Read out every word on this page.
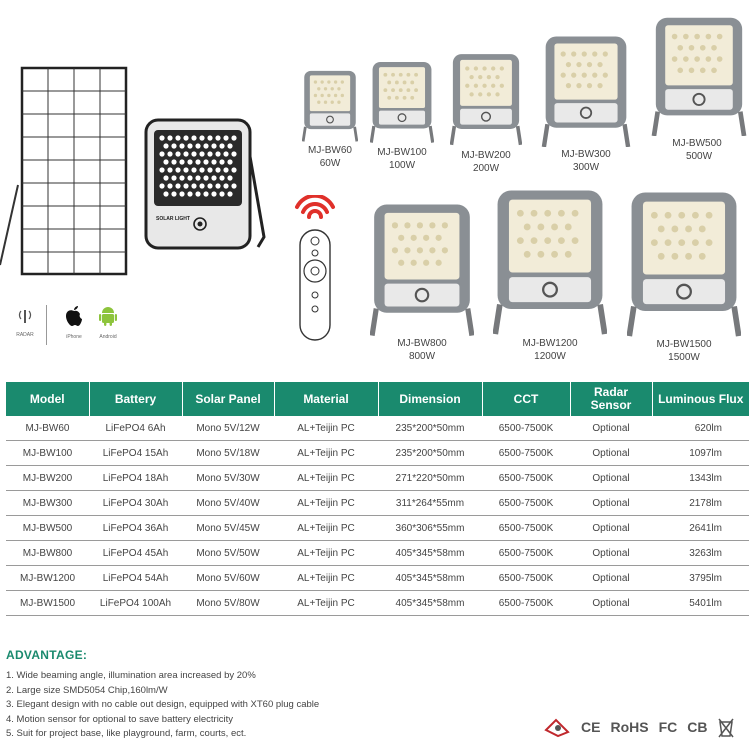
SOLAR LIGHT
RADAR	iPhone	Android
MJ-BW60
60W
MJ-BW100
100W
MJ-BW200
200W
MJ-BW300
300W
MJ-BW500
500W
MJ-BW800
800W
MJ-BW1200
1200W
MJ-BW1500
1500W
Model	Battery	Solar Panel	Material	Dimension	CCT	Radar Sensor	Luminous Flux
MJ-BW60	LiFePO4 6Ah	Mono 5V/12W	AL+Teijin PC	235*200*50mm	6500-7500K	Optional	620lm
MJ-BW100	LiFePO4 15Ah	Mono 5V/18W	AL+Teijin PC	235*200*50mm	6500-7500K	Optional	1097lm
MJ-BW200	LiFePO4 18Ah	Mono 5V/30W	AL+Teijin PC	271*220*50mm	6500-7500K	Optional	1343lm
MJ-BW300	LiFePO4 30Ah	Mono 5V/40W	AL+Teijin PC	311*264*55mm	6500-7500K	Optional	2178lm
MJ-BW500	LiFePO4 36Ah	Mono 5V/45W	AL+Teijin PC	360*306*55mm	6500-7500K	Optional	2641lm
MJ-BW800	LiFePO4 45Ah	Mono 5V/50W	AL+Teijin PC	405*345*58mm	6500-7500K	Optional	3263lm
MJ-BW1200	LiFePO4 54Ah	Mono 5V/60W	AL+Teijin PC	405*345*58mm	6500-7500K	Optional	3795lm
MJ-BW1500	LiFePO4 100Ah	Mono 5V/80W	AL+Teijin PC	405*345*58mm	6500-7500K	Optional	5401lm
ADVANTAGE:
1. Wide beaming angle, illumination area increased by 20%
2. Large size SMD5054 Chip,160lm/W
3. Elegant design with no cable out design, equipped with XT60 plug cable
4. Motion sensor for optional to save battery electricity
5. Suit for project base, like playground, farm, courts, ect.	CE RoHS FC CB
